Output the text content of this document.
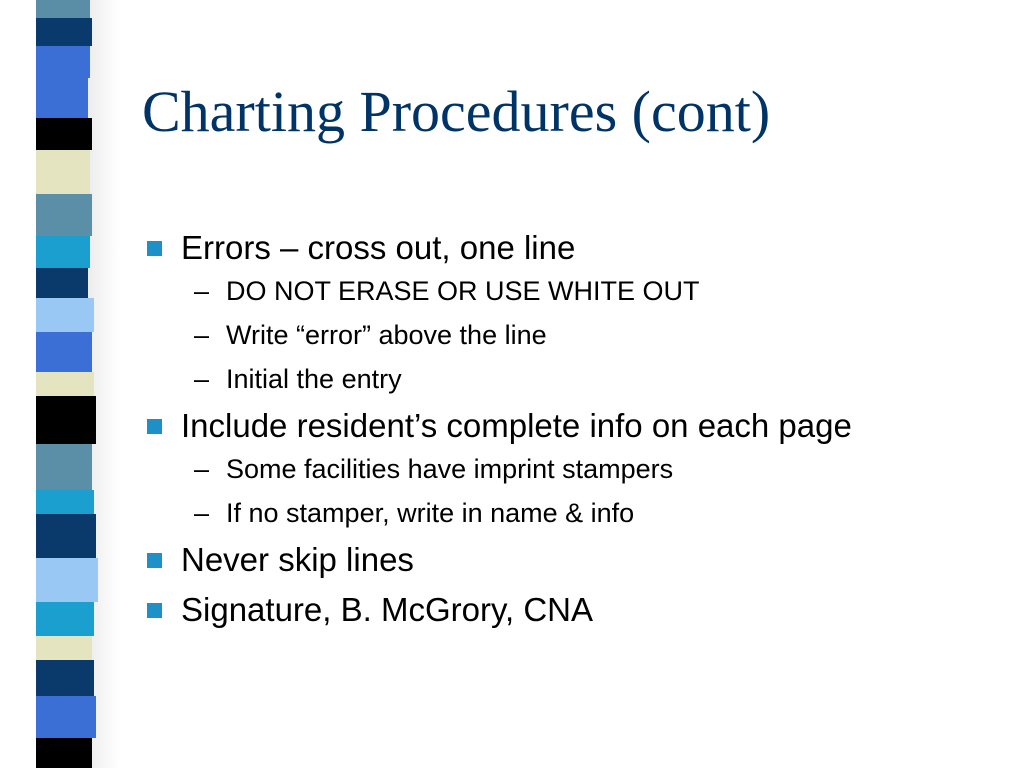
Charting Procedures (cont)
Errors – cross out, one line
– DO NOT ERASE OR USE WHITE OUT
– Write “error” above the line
– Initial the entry
Include resident’s complete info on each page
– Some facilities have imprint stampers
– If no stamper, write in name & info
Never skip lines
Signature, B. McGrory, CNA
